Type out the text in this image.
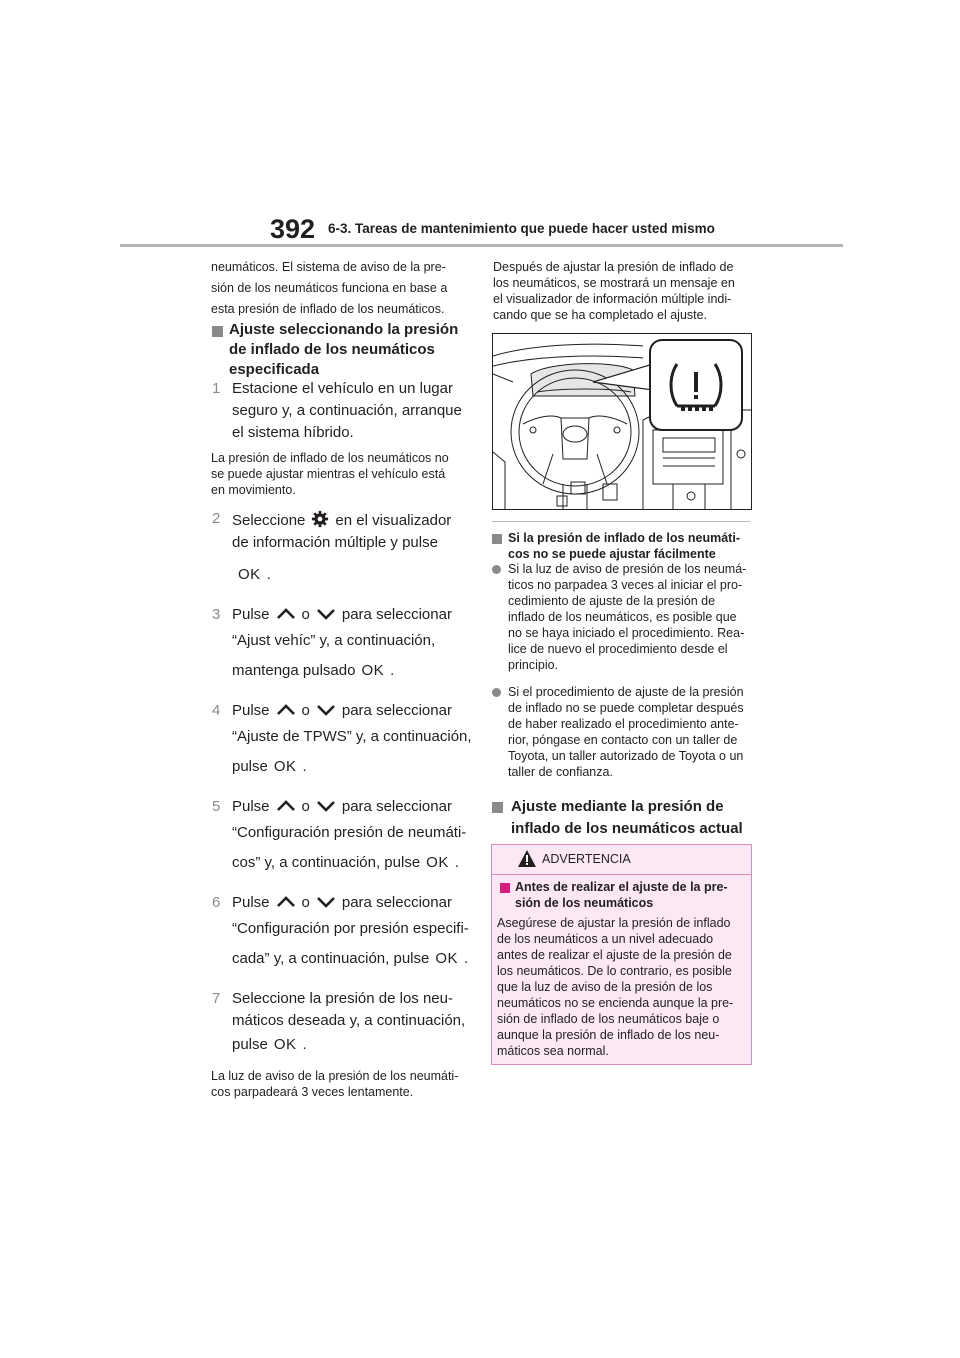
392 6-3. Tareas de mantenimiento que puede hacer usted mismo

neumáticos. El sistema de aviso de la pre-

sión de los neumáticos funciona en base a

esta presión de inflado de los neumáticos.

Ajuste seleccionando la presión
de inflado de los neumáticos
especificada
1 Estacione el vehículo en un lugar
seguro y, a continuación, arranque
el sistema híbrido.

La presión de inflado de los neumáticos no

se puede ajustar mientras el vehículo está

en movimiento.

2 Seleccione en el visualizador
de información múltiple y pulse
OK .
3 Pulse o para seleccionar
“Ajust vehíc” y, a continuación,
mantenga pulsado OK .
4 Pulse o para seleccionar
“Ajuste de TPWS” y, a continuación,
pulse OK .
5 Pulse o para seleccionar
“Configuración presión de neumáti-
cos” y, a continuación, pulse OK .
6 Pulse o para seleccionar
“Configuración por presión especifi-
cada” y, a continuación, pulse OK .
7 Seleccione la presión de los neu-
máticos deseada y, a continuación,
pulse OK .

La luz de aviso de la presión de los neumáti-

cos parpadeará 3 veces lentamente.

Después de ajustar la presión de inflado de

los neumáticos, se mostrará un mensaje en

el visualizador de información múltiple indi-

cando que se ha completado el ajuste.

Si la presión de inflado de los neumáti-
cos no se puede ajustar fácilmente
Si la luz de aviso de presión de los neumá-
ticos no parpadea 3 veces al iniciar el pro-
cedimiento de ajuste de la presión de
inflado de los neumáticos, es posible que
no se haya iniciado el procedimiento. Rea-
lice de nuevo el procedimiento desde el
principio.
Si el procedimiento de ajuste de la presión
de inflado no se puede completar después
de haber realizado el procedimiento ante-
rior, póngase en contacto con un taller de
Toyota, un taller autorizado de Toyota o un
taller de confianza.
Ajuste mediante la presión de
inflado de los neumáticos actual
ADVERTENCIA
Antes de realizar el ajuste de la pre-
sión de los neumáticos
Asegúrese de ajustar la presión de inflado
de los neumáticos a un nivel adecuado
antes de realizar el ajuste de la presión de
los neumáticos. De lo contrario, es posible
que la luz de aviso de la presión de los
neumáticos no se encienda aunque la pre-
sión de inflado de los neumáticos baje o
aunque la presión de inflado de los neu-
máticos sea normal.
